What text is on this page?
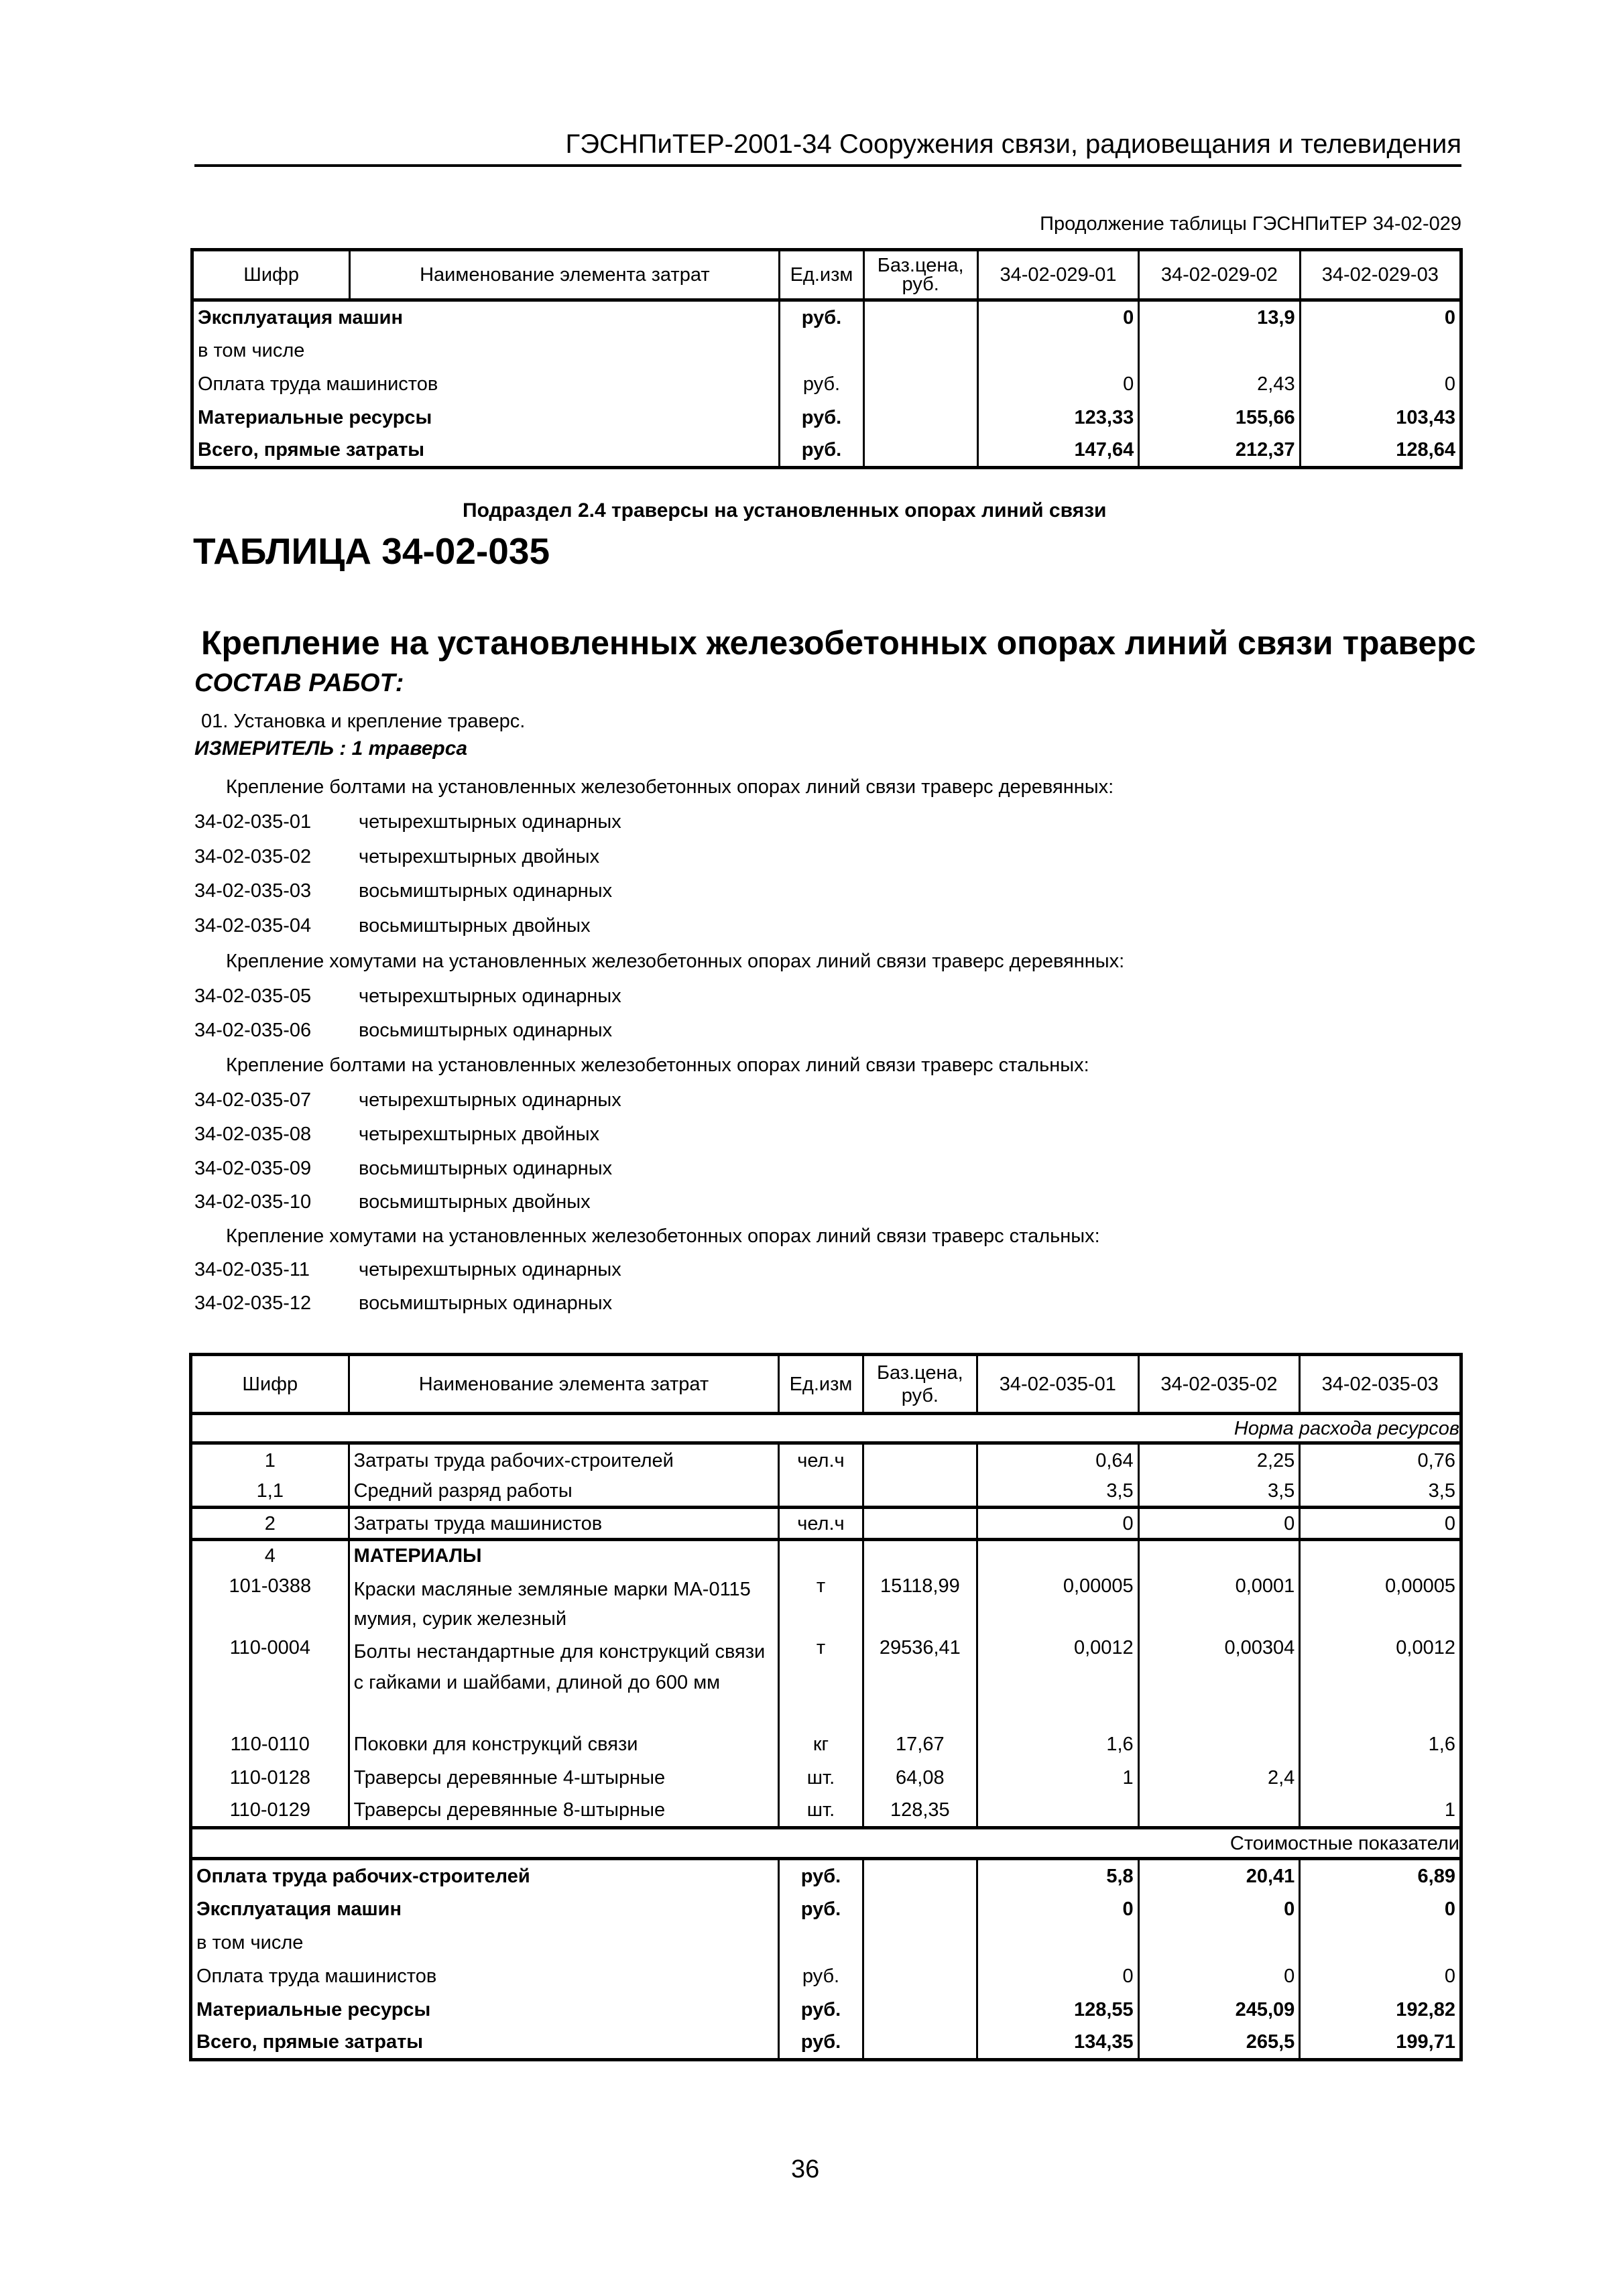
ГЭСНПиТЕР-2001-34 Сооружения связи, радиовещания и телевидения
Продолжение таблицы ГЭСНПиТЕР 34-02-029
Шифр	Наименование элемента затрат	Ед.изм	Баз.цена, руб.	34-02-029-01	34-02-029-02	34-02-029-03
Эксплуатация машин		руб.		0	13,9	0
в том числе						
Оплата труда машинистов		руб.		0	2,43	0
Материальные ресурсы		руб.		123,33	155,66	103,43
Всего, прямые затраты		руб.		147,64	212,37	128,64
Подраздел 2.4 траверсы на установленных опорах линий связи
ТАБЛИЦА 34-02-035
Крепление на установленных железобетонных опорах линий связи траверс
СОСТАВ РАБОТ:
01. Установка и крепление траверс.
ИЗМЕРИТЕЛЬ : 1 траверса
Крепление болтами на установленных железобетонных опорах линий связи траверс деревянных:
34-02-035-01 четырехштырных одинарных
34-02-035-02 четырехштырных двойных
34-02-035-03 восьмиштырных одинарных
34-02-035-04 восьмиштырных двойных
Крепление хомутами на установленных железобетонных опорах линий связи траверс деревянных:
34-02-035-05 четырехштырных одинарных
34-02-035-06 восьмиштырных одинарных
Крепление болтами на установленных железобетонных опорах линий связи траверс стальных:
34-02-035-07 четырехштырных одинарных
34-02-035-08 четырехштырных двойных
34-02-035-09 восьмиштырных одинарных
34-02-035-10 восьмиштырных двойных
Крепление хомутами на установленных железобетонных опорах линий связи траверс стальных:
34-02-035-11	четырехштырных одинарных
34-02-035-12 восьмиштырных одинарных
Шифр	Наименование элемента затрат	Ед.изм	Баз.цена, руб.	34-02-035-01	34-02-035-02	34-02-035-03
Норма расхода ресурсов						
1	Затраты труда рабочих-строителей	чел.ч		0,64	2,25	0,76
1,1	Средний разряд работы			3,5	3,5	3,5
2	Затраты труда машинистов	чел.ч		0	0	0
4	МАТЕРИАЛЫ					
101-0388	Краски масляные земляные марки МА-0115 мумия, сурик железный	т	15118,99	0,00005	0,0001	0,00005
110-0004	Болты нестандартные для конструкций связи с гайками и шайбами, длиной до 600 мм	т	29536,41	0,0012	0,00304	0,0012
110-0110	Поковки для конструкций связи	кг	17,67	1,6		1,6
110-0128	Траверсы деревянные 4-штырные	шт.	64,08	1	2,4	
110-0129	Траверсы деревянные 8-штырные	шт.	128,35			1
Стоимостные показатели						
Оплата труда рабочих-строителей		руб.		5,8	20,41	6,89
Эксплуатация машин		руб.		0	0	0
в том числе						
Оплата труда машинистов		руб.		0	0	0
Материальные ресурсы		руб.		128,55	245,09	192,82
Всего, прямые затраты		руб.		134,35	265,5	199,71
36
